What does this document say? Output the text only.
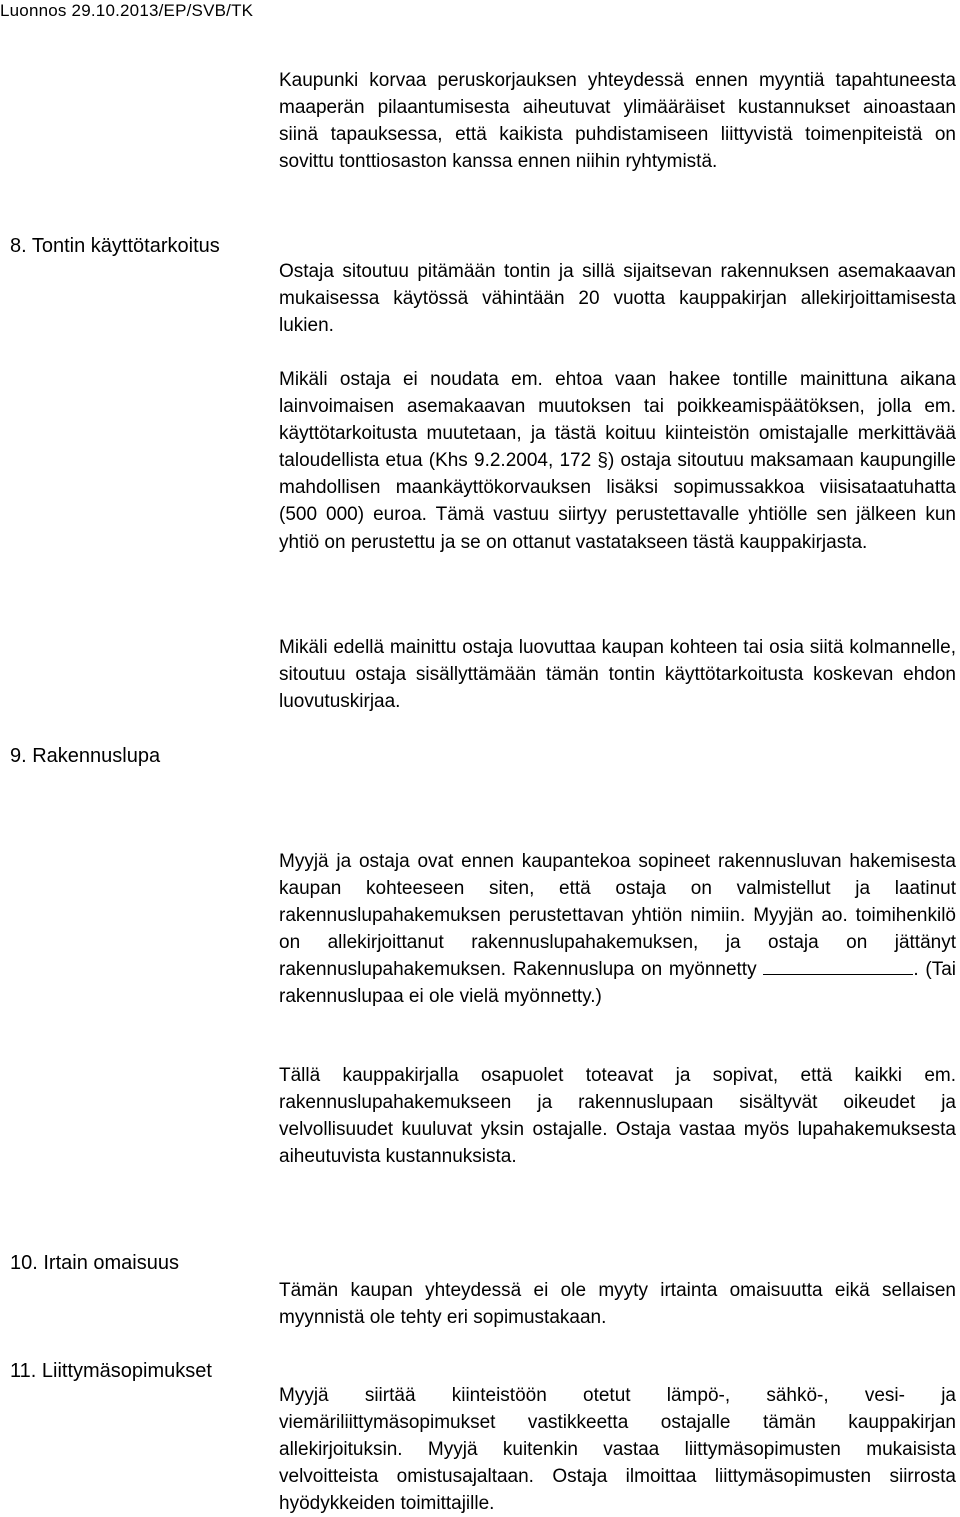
Luonnos 29.10.2013/EP/SVB/TK
8. Tontin käyttötarkoitus
9. Rakennuslupa
10. Irtain omaisuus
11. Liittymäsopimukset

Kaupunki korvaa peruskorjauksen yhteydessä ennen myyntiä tapahtuneesta maaperän pilaantumisesta aiheutuvat ylimääräiset kustannukset ainoastaan siinä tapauksessa, että kaikista puhdistamiseen liittyvistä toimenpiteistä on sovittu tonttiosaston kanssa ennen niihin ryhtymistä.

Ostaja sitoutuu pitämään tontin ja sillä sijaitsevan rakennuksen asemakaavan mukaisessa käytössä vähintään 20 vuotta kauppakirjan allekirjoittamisesta lukien.

Mikäli ostaja ei noudata em. ehtoa vaan hakee tontille mainittuna aikana lainvoimaisen asemakaavan muutoksen tai poikkeamispäätöksen, jolla em. käyttötarkoitusta muutetaan, ja tästä koituu kiinteistön omistajalle merkittävää taloudellista etua (Khs 9.2.2004, 172 §) ostaja sitoutuu maksamaan kaupungille mahdollisen maankäyttökorvauksen lisäksi sopimussakkoa viisisataatuhatta (500 000) euroa. Tämä vastuu siirtyy perustettavalle yhtiölle sen jälkeen kun yhtiö on perustettu ja se on ottanut vastatakseen tästä kauppakirjasta.

Mikäli edellä mainittu ostaja luovuttaa kaupan kohteen tai osia siitä kolmannelle, sitoutuu ostaja sisällyttämään tämän tontin käyttötarkoitusta koskevan ehdon luovutuskirjaa.

Myyjä ja ostaja ovat ennen kaupantekoa sopineet rakennusluvan hakemisesta kaupan kohteeseen siten, että ostaja on valmistellut ja laatinut rakennuslupahakemuksen perustettavan yhtiön nimiin. Myyjän ao. toimihenkilö on allekirjoittanut rakennuslupahakemuksen, ja ostaja on jättänyt rakennuslupahakemuksen. Rakennuslupa on myönnetty	. (Tai rakennuslupaa ei ole vielä myönnetty.)

Tällä kauppakirjalla osapuolet toteavat ja sopivat, että kaikki em. rakennuslupahakemukseen ja rakennuslupaan sisältyvät oikeudet ja velvollisuudet kuuluvat yksin ostajalle. Ostaja vastaa myös lupahakemuksesta aiheutuvista kustannuksista.

Tämän kaupan yhteydessä ei ole myyty irtainta omaisuutta eikä sellaisen myynnistä ole tehty eri sopimustakaan.

Myyjä siirtää kiinteistöön otetut lämpö-, sähkö-, vesi- ja viemäriliittymäsopimukset vastikkeetta ostajalle tämän kauppakirjan allekirjoituksin. Myyjä kuitenkin vastaa liittymäsopimusten mukaisista velvoitteista omistusajaltaan. Ostaja ilmoittaa liittymäsopimusten siirrosta hyödykkeiden toimittajille.
